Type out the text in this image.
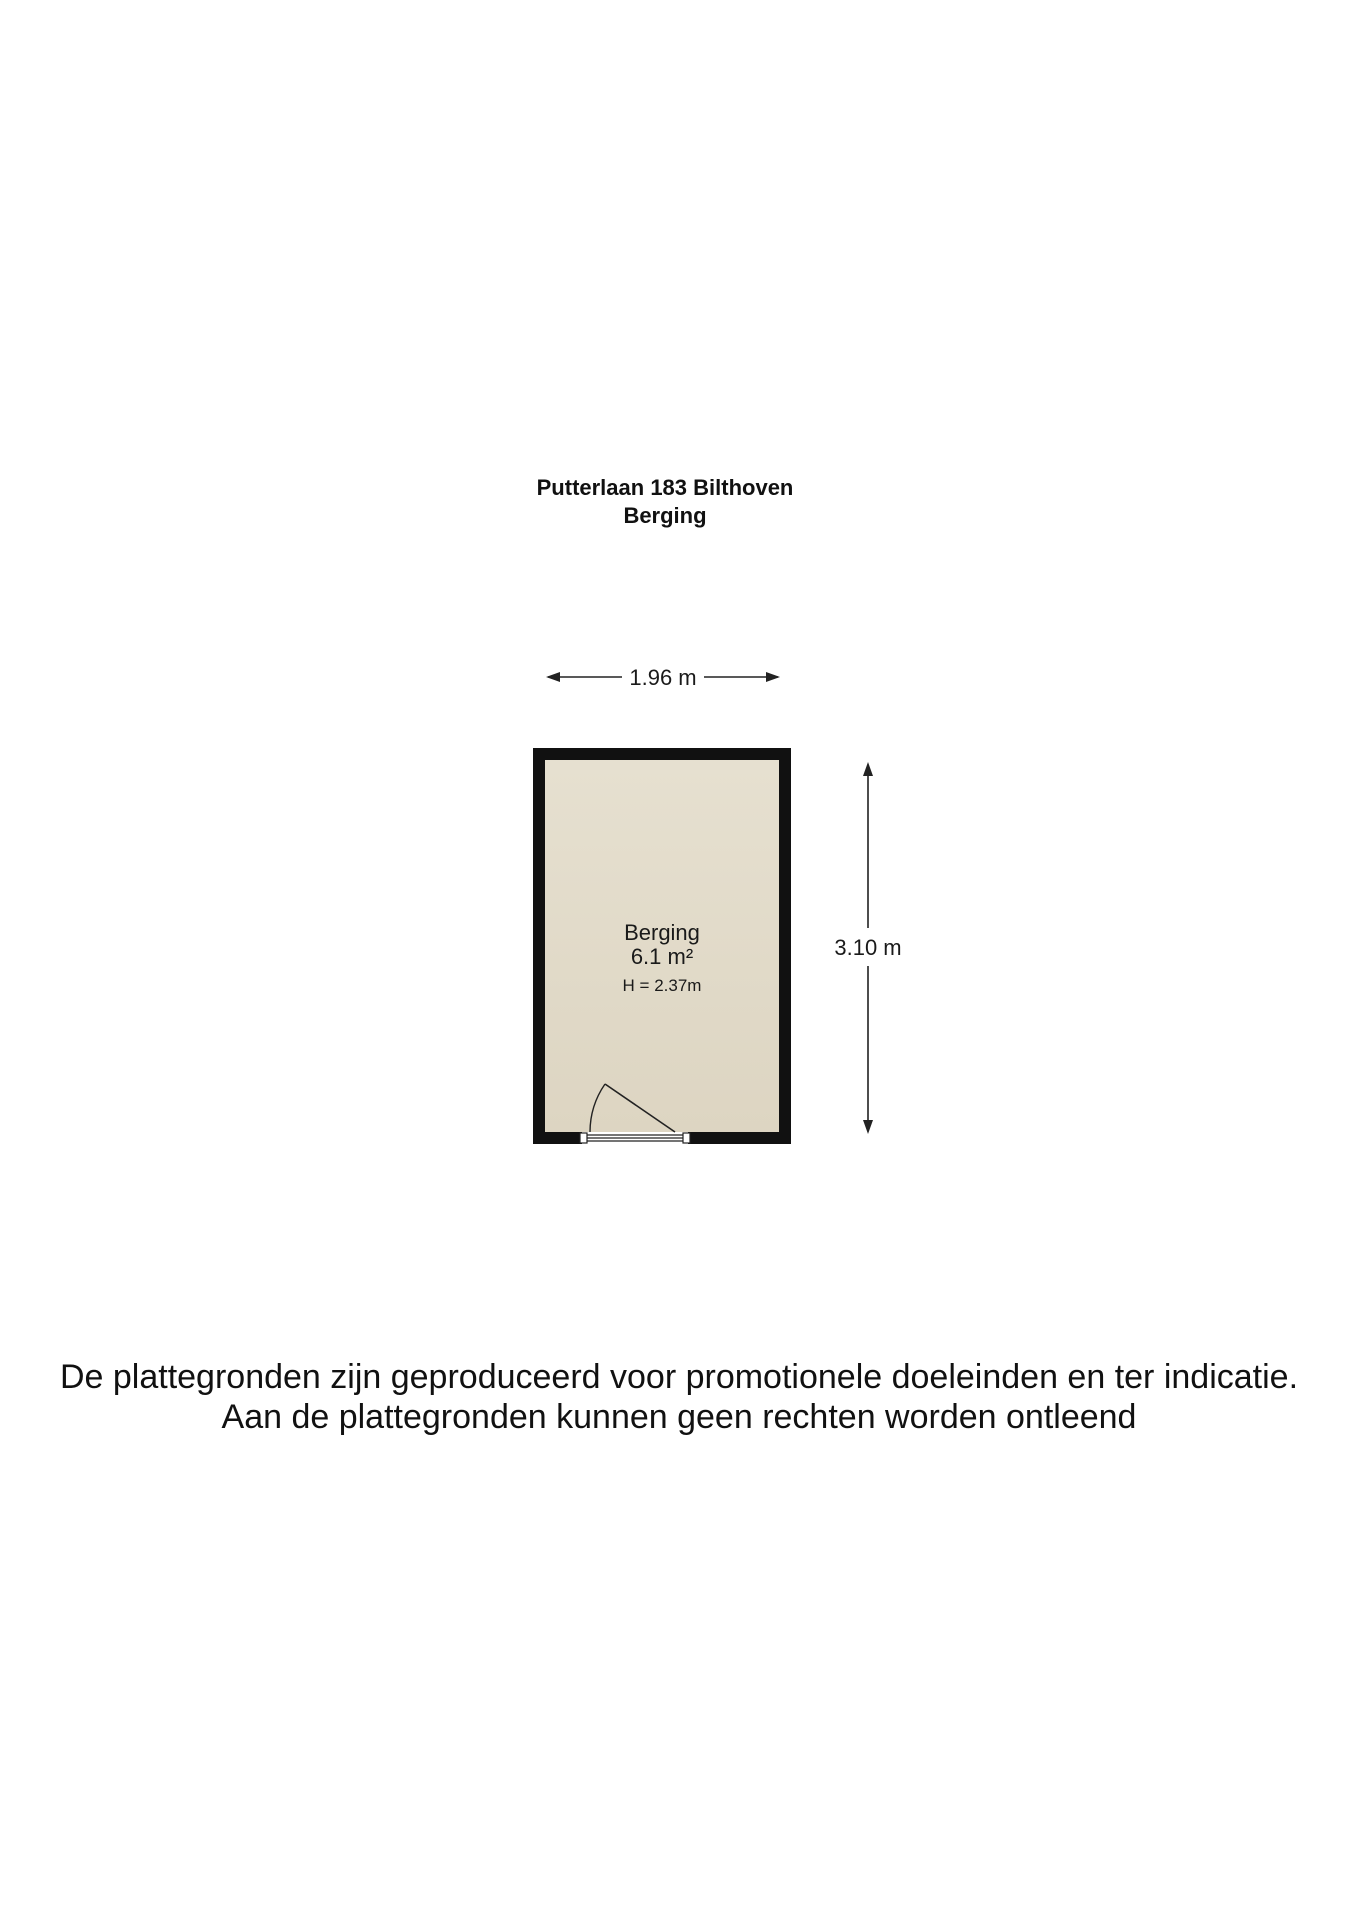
Putterlaan 183 Bilthoven
Berging
1.96 m
3.10 m
Berging
6.1 m²
H = 2.37m
De plattegronden zijn geproduceerd voor promotionele doeleinden en ter indicatie.
Aan de plattegronden kunnen geen rechten worden ontleend
